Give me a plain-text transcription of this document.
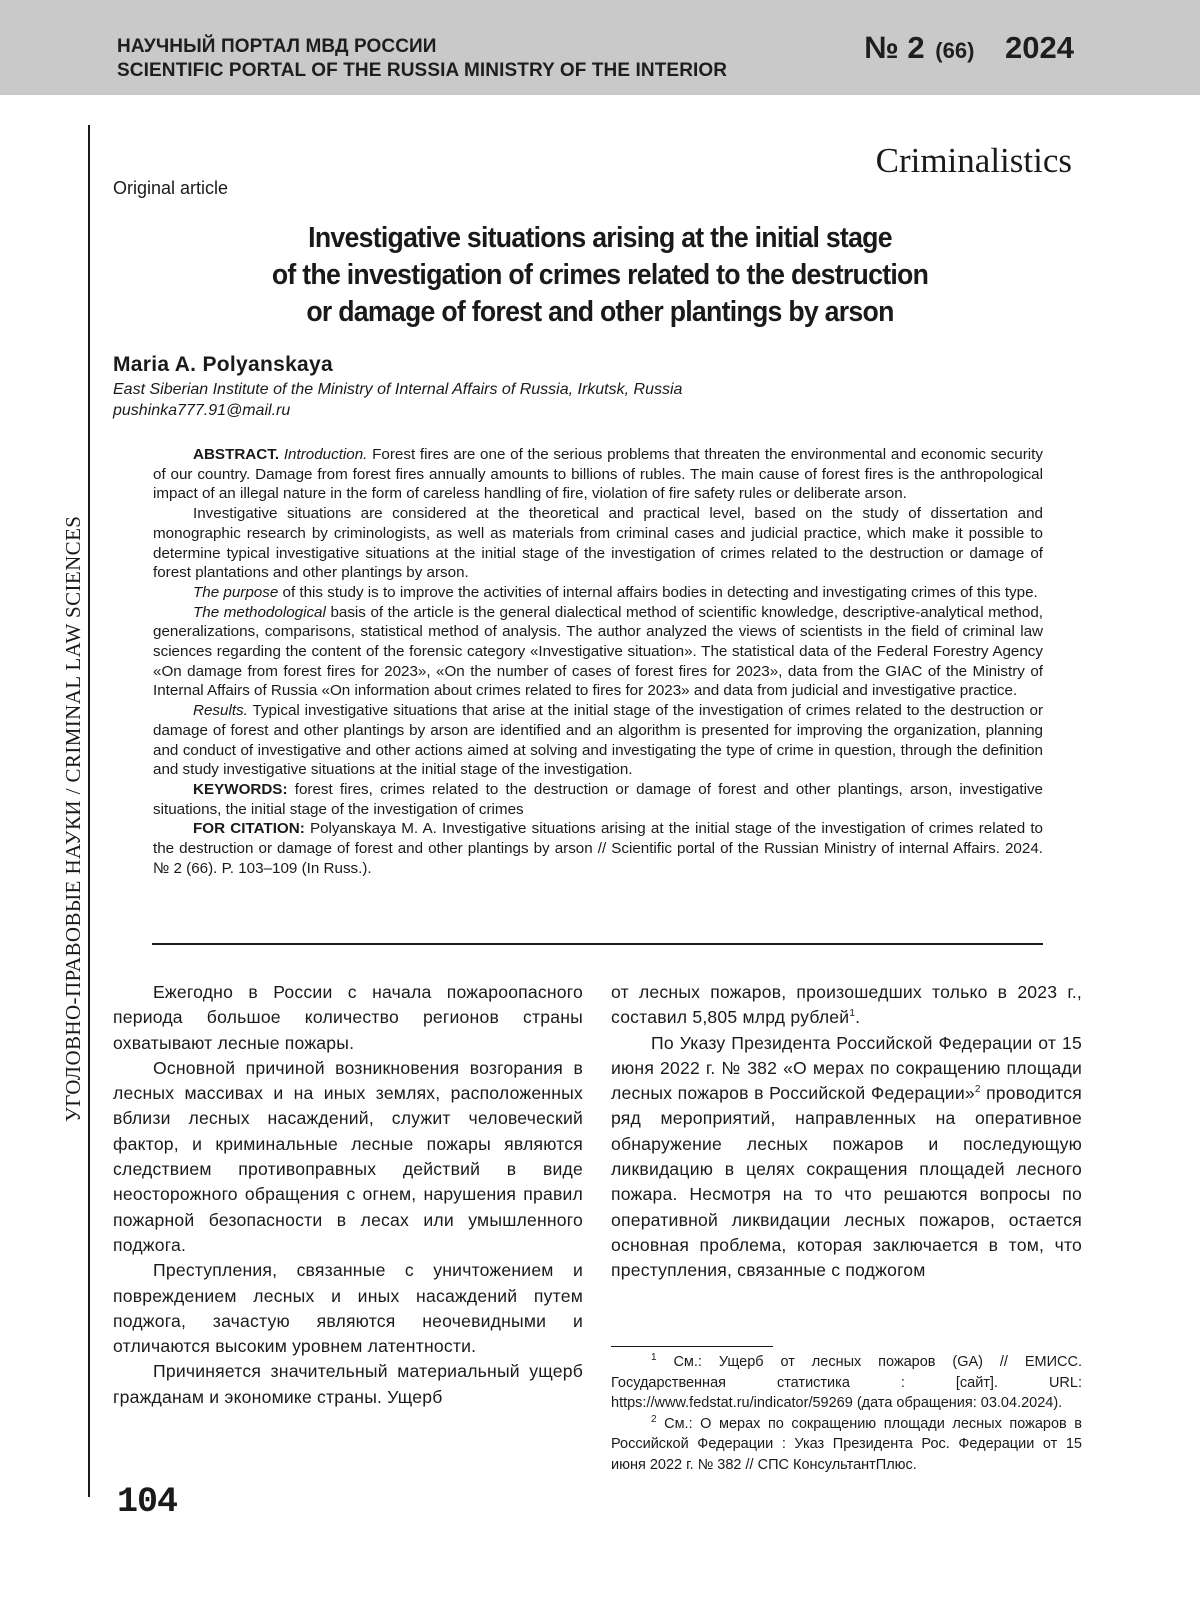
НАУЧНЫЙ ПОРТАЛ МВД РОССИИ
SCIENTIFIC PORTAL OF THE RUSSIA MINISTRY OF THE INTERIOR
№ 2 (66) 2024
УГОЛОВНО-ПРАВОВЫЕ НАУКИ / CRIMINAL LAW SCIENCES
Criminalistics
Original article
Investigative situations arising at the initial stage
of the investigation of crimes related to the destruction
or damage of forest and other plantings by arson
Maria A. Polyanskaya
East Siberian Institute of the Ministry of Internal Affairs of Russia, Irkutsk, Russia
pushinka777.91@mail.ru

ABSTRACT. Introduction. Forest fires are one of the serious problems that threaten the environmental and economic security of our country. Damage from forest fires annually amounts to billions of rubles. The main cause of forest fires is the anthropological impact of an illegal nature in the form of careless handling of fire, violation of fire safety rules or deliberate arson.

Investigative situations are considered at the theoretical and practical level, based on the study of dissertation and monographic research by criminologists, as well as materials from criminal cases and judicial practice, which make it possible to determine typical investigative situations at the initial stage of the investigation of crimes related to the destruction or damage of forest plantations and other plantings by arson.

The purpose of this study is to improve the activities of internal affairs bodies in detecting and investigating crimes of this type.

The methodological basis of the article is the general dialectical method of scientific knowledge, descriptive-analytical method, generalizations, comparisons, statistical method of analysis. The author analyzed the views of scientists in the field of criminal law sciences regarding the content of the forensic category «Investigative situation». The statistical data of the Federal Forestry Agency «On damage from forest fires for 2023», «On the number of cases of forest fires for 2023», data from the GIAC of the Ministry of Internal Affairs of Russia «On information about crimes related to fires for 2023» and data from judicial and investigative practice.

Results. Typical investigative situations that arise at the initial stage of the investigation of crimes related to the destruction or damage of forest and other plantings by arson are identified and an algorithm is presented for improving the organization, planning and conduct of investigative and other actions aimed at solving and investigating the type of crime in question, through the definition and study investigative situations at the initial stage of the investigation.

KEYWORDS: forest fires, crimes related to the destruction or damage of forest and other plantings, arson, investigative situations, the initial stage of the investigation of crimes

FOR CITATION: Polyanskaya M. A. Investigative situations arising at the initial stage of the investigation of crimes related to the destruction or damage of forest and other plantings by arson // Scientific portal of the Russian Ministry of internal Affairs. 2024. № 2 (66). P. 103–109 (In Russ.).

Ежегодно в России с начала пожароопасного периода большое количество регионов страны охватывают лесные пожары.

Основной причиной возникновения возгорания в лесных массивах и на иных землях, расположенных вблизи лесных насаждений, служит человеческий фактор, и криминальные лесные пожары являются следствием противоправных действий в виде неосторожного обращения с огнем, нарушения правил пожарной безопасности в лесах или умышленного поджога.

Преступления, связанные с уничтожением и повреждением лесных и иных насаждений путем поджога, зачастую являются неочевидными и отличаются высоким уровнем латентности.

Причиняется значительный материальный ущерб гражданам и экономике страны. Ущерб

от лесных пожаров, произошедших только в 2023 г., составил 5,805 млрд рублей1.

По Указу Президента Российской Федерации от 15 июня 2022 г. № 382 «О мерах по сокращению площади лесных пожаров в Российской Федерации»2 проводится ряд мероприятий, направленных на оперативное обнаружение лесных пожаров и последующую ликвидацию в целях сокращения площадей лесного пожара. Несмотря на то что решаются вопросы по оперативной ликвидации лесных пожаров, остается основная проблема, которая заключается в том, что преступления, связанные с поджогом

1 См.: Ущерб от лесных пожаров (GA) // ЕМИСС. Государственная статистика : [сайт]. URL: https://www.fedstat.ru/indicator/59269 (дата обращения: 03.04.2024).

2 См.: О мерах по сокращению площади лесных пожаров в Российской Федерации : Указ Президента Рос. Федерации от 15 июня 2022 г. № 382 // СПС КонсультантПлюс.

104
